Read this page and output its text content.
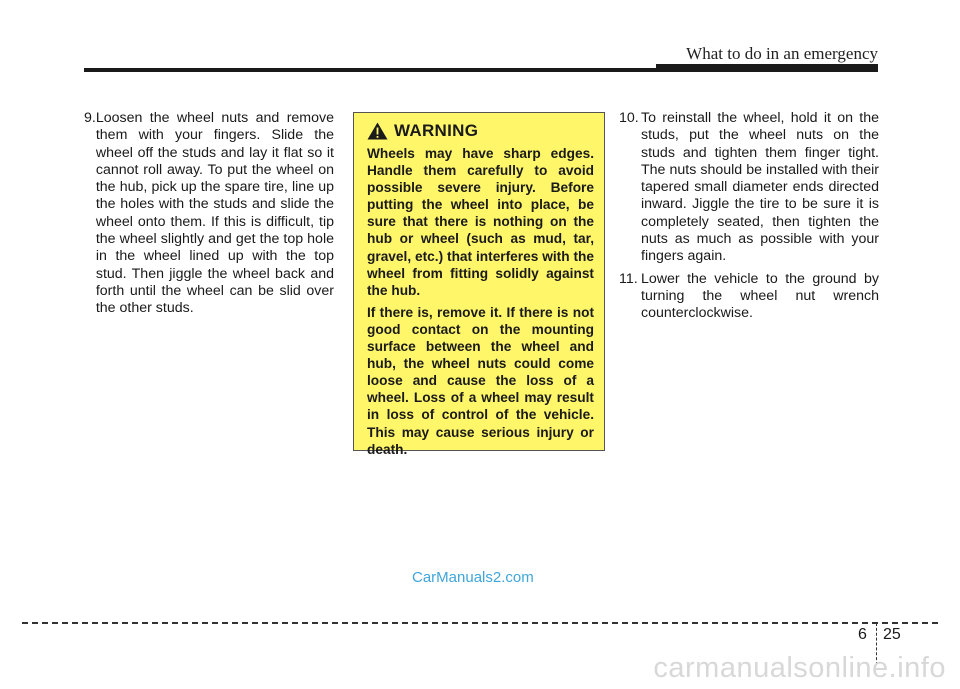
What to do in an emergency
9. Loosen the wheel nuts and remove them with your fingers. Slide the wheel off the studs and lay it flat so it cannot roll away. To put the wheel on the hub, pick up the spare tire, line up the holes with the studs and slide the wheel onto them. If this is difficult, tip the wheel slightly and get the top hole in the wheel lined up with the top stud. Then jiggle the wheel back and forth until the wheel can be slid over the other studs.
WARNING

Wheels may have sharp edges. Handle them carefully to avoid possible severe injury. Before putting the wheel into place, be sure that there is nothing on the hub or wheel (such as mud, tar, gravel, etc.) that interferes with the wheel from fitting solidly against the hub.

If there is, remove it. If there is not good contact on the mounting surface between the wheel and hub, the wheel nuts could come loose and cause the loss of a wheel. Loss of a wheel may result in loss of control of the vehicle. This may cause serious injury or death.

10. To reinstall the wheel, hold it on the studs, put the wheel nuts on the studs and tighten them finger tight. The nuts should be installed with their tapered small diameter ends directed inward. Jiggle the tire to be sure it is completely seated, then tighten the nuts as much as possible with your fingers again.
11. Lower the vehicle to the ground by turning the wheel nut wrench counterclockwise.
CarManuals2.com
6 25
carmanualsonline.info
